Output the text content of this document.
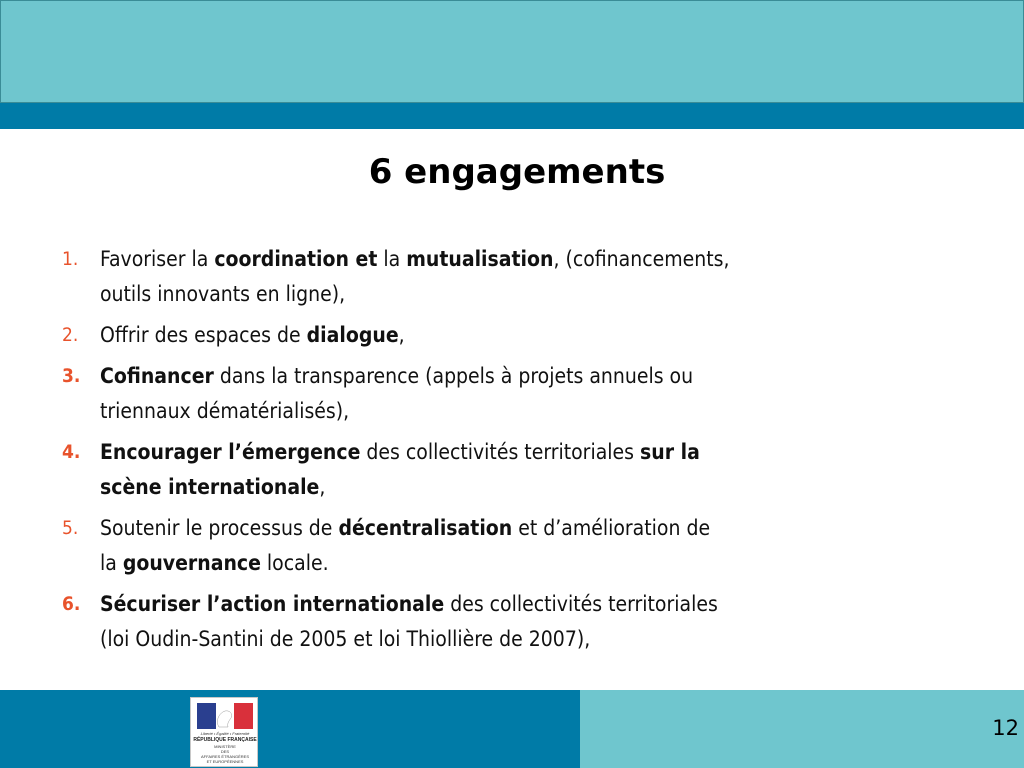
6 engagements
1. Favoriser la coordination et la mutualisation, (cofinancements,
outils innovants en ligne),
2. Offrir des espaces de dialogue,
3. Cofinancer dans la transparence (appels à projets annuels ou
triennaux dématérialisés),
4. Encourager l’émergence des collectivités territoriales sur la
scène internationale,
5. Soutenir le processus de décentralisation et d’amélioration de
la gouvernance locale.
6. Sécuriser l’action internationale des collectivités territoriales
(loi Oudin-Santini de 2005 et loi Thiollière de 2007),
Liberté • Égalité • Fraternité
RÉPUBLIQUE FRANÇAISE
MINISTÈRE
DES
AFFAIRES ÉTRANGÈRES
ET EUROPÉENNES
12
